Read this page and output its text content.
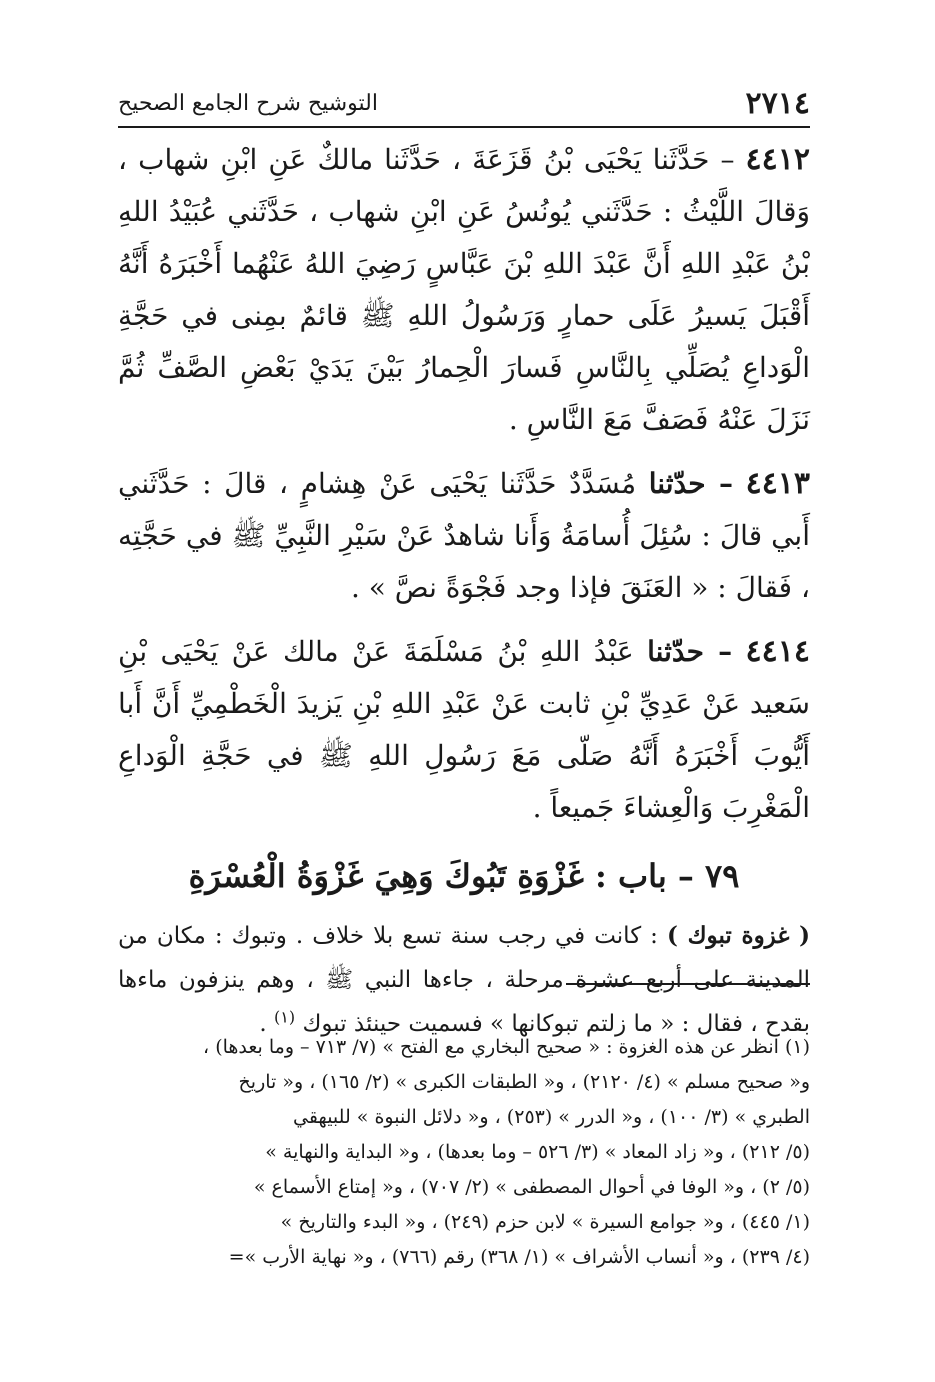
٢٧١٤
التوشيح شرح الجامع الصحيح

٤٤١٢ – حَدَّثَنا يَحْيَى بْنُ قَزَعَةَ ، حَدَّثَنا مالكٌ عَنِ ابْنِ شهاب ، وَقالَ اللَّيْثُ : حَدَّثَني يُونُسُ عَنِ ابْنِ شهاب ، حَدَّثَني عُبَيْدُ اللهِ بْنُ عَبْدِ اللهِ أَنَّ عَبْدَ اللهِ بْنَ عَبَّاسٍ رَضِيَ اللهُ عَنْهُما أَخْبَرَهُ أَنَّهُ أَقْبَلَ يَسيرُ عَلَى حمارٍ وَرَسُولُ اللهِ ﷺ قائمٌ بمِنى في حَجَّةِ الْوَداعِ يُصَلِّي بِالنَّاسِ فَسارَ الْحِمارُ بَيْنَ يَدَيْ بَعْضِ الصَّفِّ ثُمَّ نَزَلَ عَنْهُ فَصَفَّ مَعَ النَّاسِ .

٤٤١٣ – حدّثنا مُسَدَّدٌ حَدَّثَنا يَحْيَى عَنْ هِشامٍ ، قالَ : حَدَّثَني أَبي قالَ : سُئِلَ أُسامَةُ وَأَنا شاهدٌ عَنْ سَيْرِ النَّبِيِّ ﷺ في حَجَّتِه ، فَقالَ : « العَنَقَ فإذا وجد فَجْوَةً نصَّ » .

٤٤١٤ – حدّثنا عَبْدُ اللهِ بْنُ مَسْلَمَةَ عَنْ مالك عَنْ يَحْيَى بْنِ سَعيد عَنْ عَدِيِّ بْنِ ثابت عَنْ عَبْدِ اللهِ بْنِ يَزيدَ الْخَطْمِيِّ أَنَّ أَبا أَيُّوبَ أَخْبَرَهُ أَنَّهُ صَلّى مَعَ رَسُولِ اللهِ ﷺ في حَجَّةِ الْوَداعِ الْمَغْرِبَ وَالْعِشاءَ جَميعاً .

٧٩ – باب : غَزْوَةِ تَبُوكَ وَهِيَ غَزْوَةُ الْعُسْرَةِ

( غزوة تبوك ) : كانت في رجب سنة تسع بلا خلاف . وتبوك : مكان من المدينة على أربع عشرة مرحلة ، جاءها النبي ﷺ ، وهم ينزفون ماءها بقدح ، فقال : « ما زلتم تبوكانها » فسميت حينئذ تبوك $^{(١)}$ .

(١) انظر عن هذه الغزوة : « صحيح البخاري مع الفتح » (٧/ ٧١٣ – وما بعدها) ،
و« صحيح مسلم » (٤/ ٢١٢٠) ، و« الطبقات الكبرى » (٢/ ١٦٥) ، و« تاريخ
الطبري » (٣/ ١٠٠) ، و« الدرر » (٢٥٣) ، و« دلائل النبوة » للبيهقي
(٥/ ٢١٢) ، و« زاد المعاد » (٣/ ٥٢٦ – وما بعدها) ، و« البداية والنهاية »
(٥/ ٢) ، و« الوفا في أحوال المصطفى » (٢/ ٧٠٧) ، و« إمتاع الأسماع »
(١/ ٤٤٥) ، و« جوامع السيرة » لابن حزم (٢٤٩) ، و« البدء والتاريخ »
(٤/ ٢٣٩) ، و« أنساب الأشراف » (١/ ٣٦٨) رقم (٧٦٦) ، و« نهاية الأرب »=
